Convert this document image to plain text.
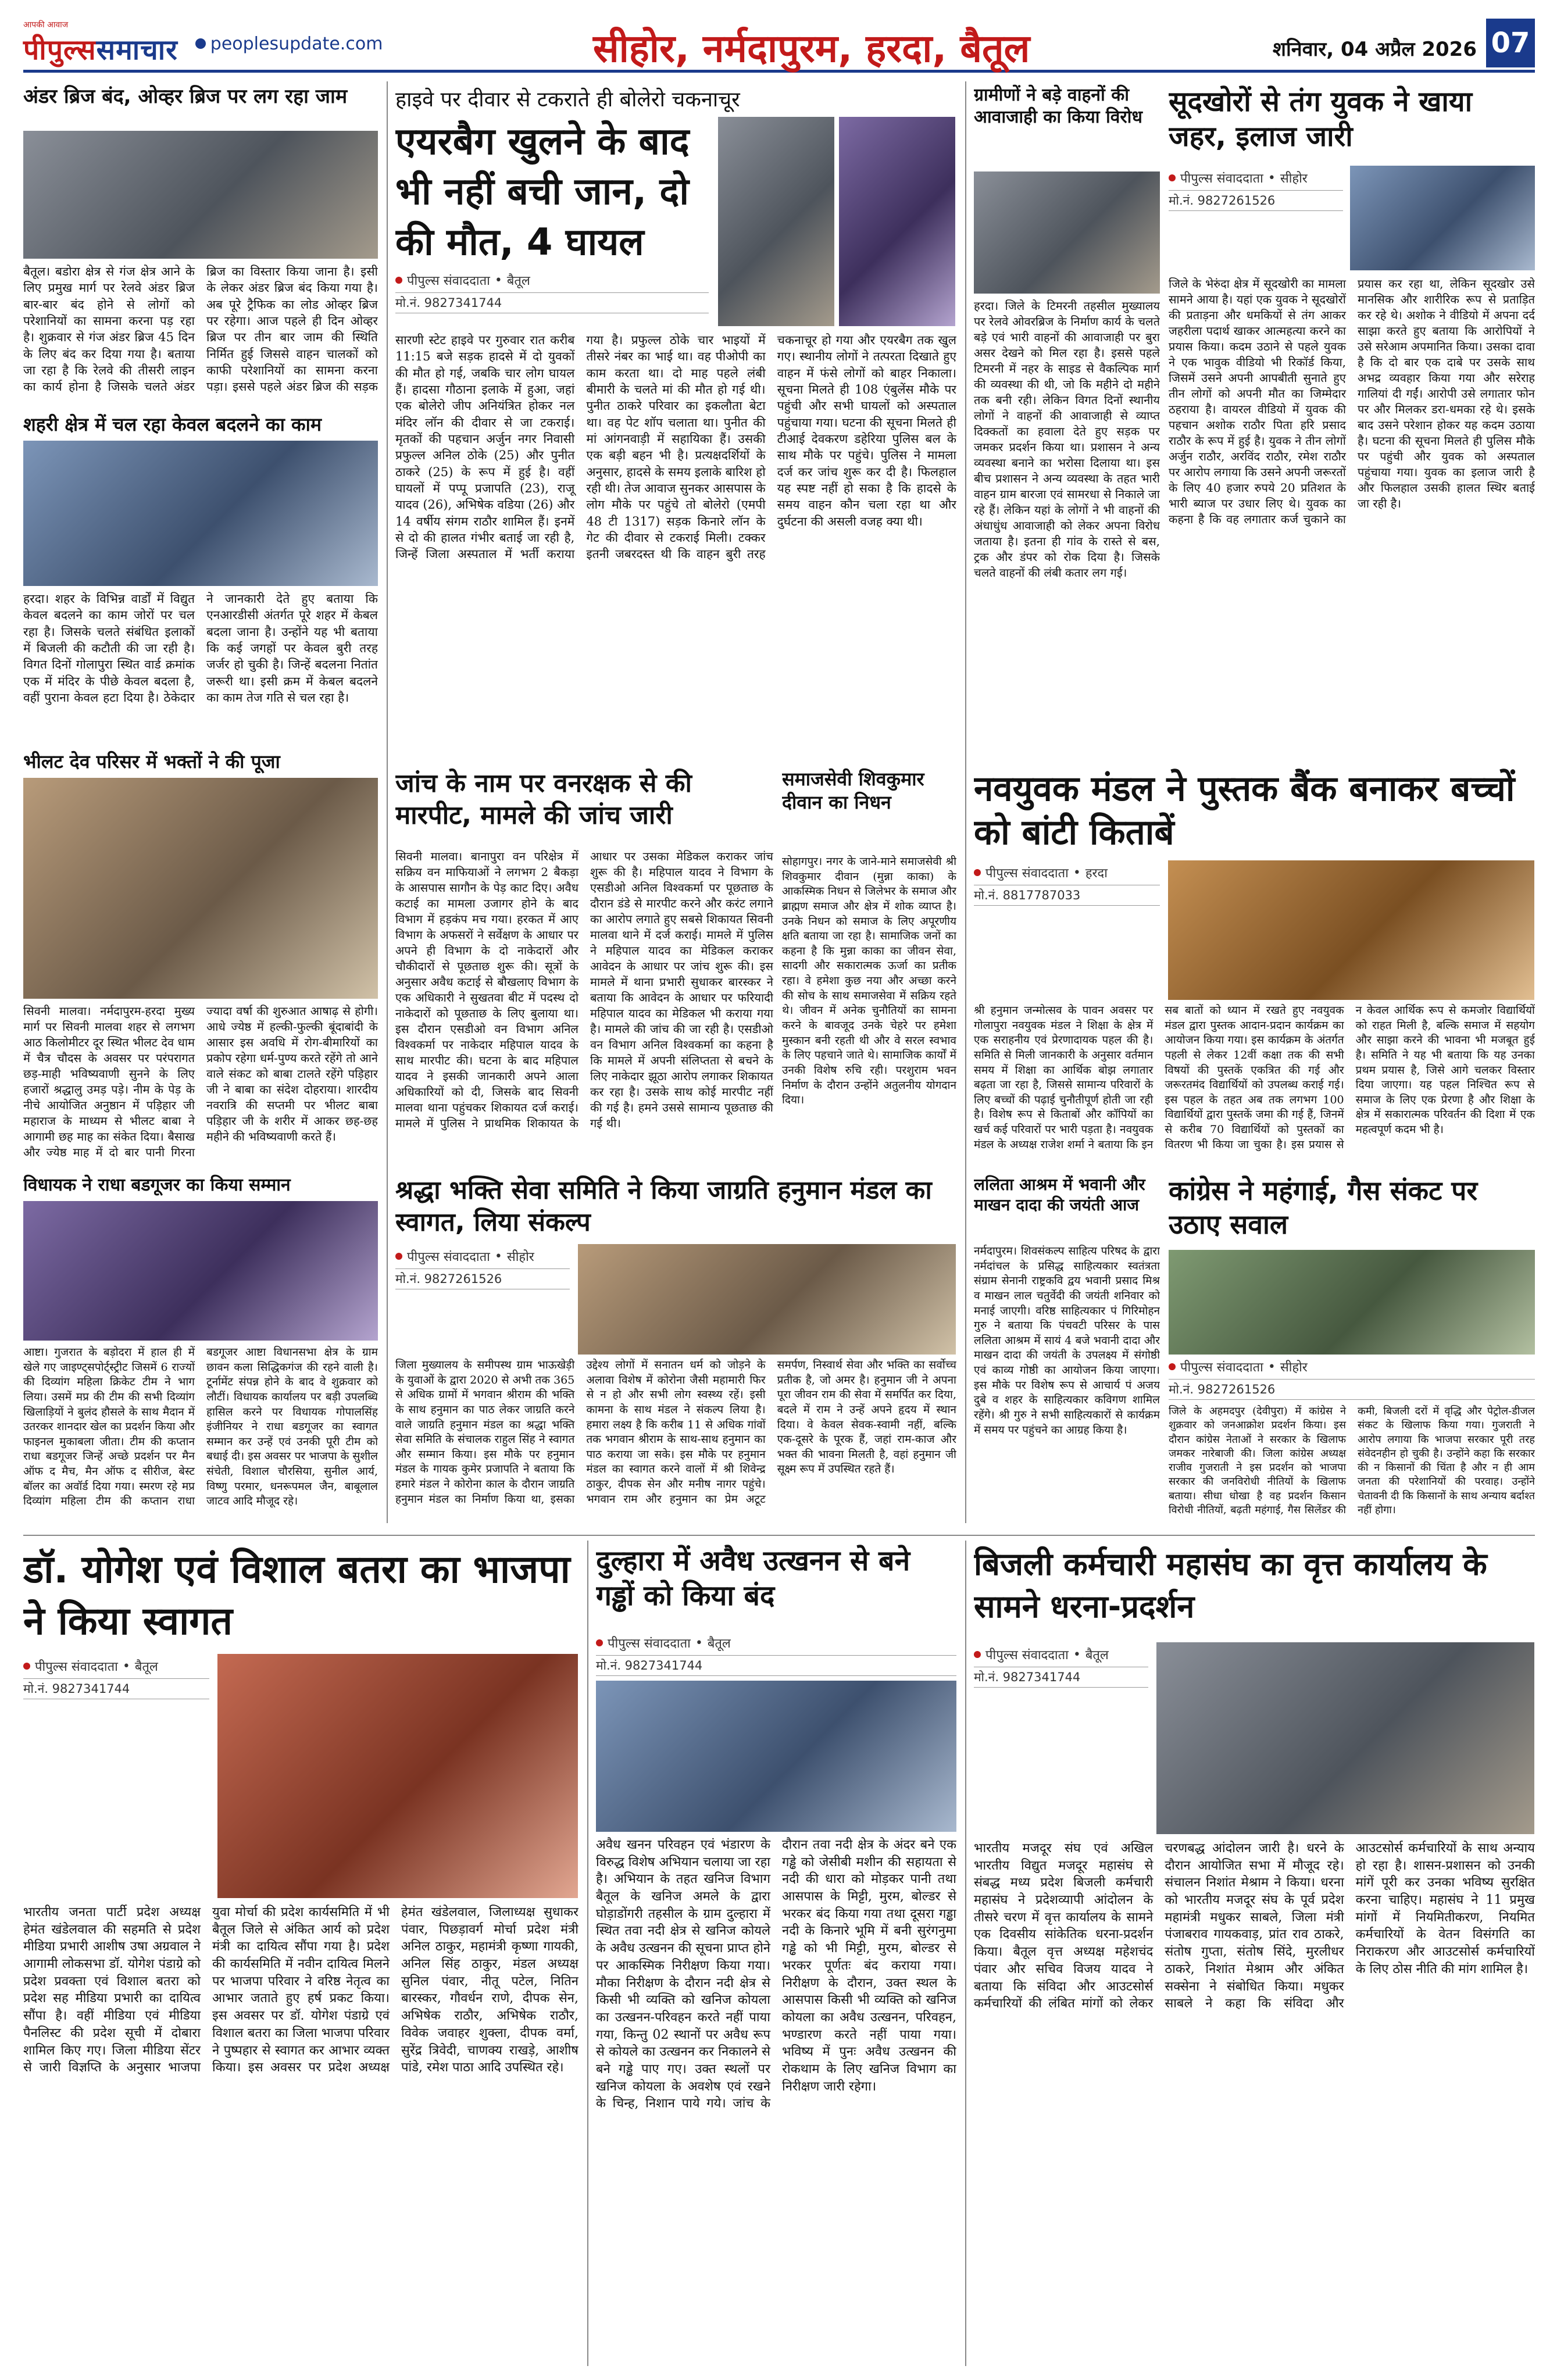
आपकी आवाज
पीपुल्ससमाचार peoplesupdate.com	सीहोर, नर्मदापुरम, हरदा, बैतूल	शनिवार, 04 अप्रैल 2026 07
अंडर ब्रिज बंद, ओव्हर ब्रिज पर लग रहा जाम
बैतूल। बडोरा क्षेत्र से गंज क्षेत्र आने के लिए प्रमुख मार्ग पर रेलवे अंडर ब्रिज बार-बार बंद होने से लोगों को परेशानियों का सामना करना पड़ रहा है। शुक्रवार से गंज अंडर ब्रिज 45 दिन के लिए बंद कर दिया गया है। बताया जा रहा है कि रेलवे की तीसरी लाइन का कार्य होना है जिसके चलते अंडर ब्रिज का विस्तार किया जाना है। इसी के लेकर अंडर ब्रिज बंद किया गया है। अब पूरे ट्रैफिक का लोड ओव्हर ब्रिज पर रहेगा। आज पहले ही दिन ओव्हर ब्रिज पर तीन बार जाम की स्थिति निर्मित हुई जिससे वाहन चालकों को काफी परेशानियों का सामना करना पड़ा। इससे पहले अंडर ब्रिज की सड़क
शहरी क्षेत्र में चल रहा केवल बदलने का काम
हरदा। शहर के विभिन्न वार्डों में विद्युत केवल बदलने का काम जोरों पर चल रहा है। जिसके चलते संबंधित इलाकों में बिजली की कटौती की जा रही है। विगत दिनों गोलापुरा स्थित वार्ड क्रमांक एक में मंदिर के पीछे केवल बदला है, वहीं पुराना केवल हटा दिया है। ठेकेदार ने जानकारी देते हुए बताया कि एनआरडीसी अंतर्गत पूरे शहर में केबल बदला जाना है। उन्होंने यह भी बताया कि कई जगहों पर केवल बुरी तरह जर्जर हो चुकी है। जिन्हें बदलना नितांत जरूरी था। इसी क्रम में केबल बदलने का काम तेज गति से चल रहा है।
भीलट देव परिसर में भक्तों ने की पूजा
सिवनी मालवा। नर्मदापुरम-हरदा मुख्य मार्ग पर सिवनी मालवा शहर से लगभग आठ किलोमीटर दूर स्थित भीलट देव धाम में चैत्र चौदस के अवसर पर परंपरागत छड़-माही भविष्यवाणी सुनने के लिए हजारों श्रद्धालु उमड़ पड़े। नीम के पेड़ के नीचे आयोजित अनुष्ठान में पड़िहार जी महाराज के माध्यम से भीलट बाबा ने आगामी छह माह का संकेत दिया। बैसाख और ज्येष्ठ माह में दो बार पानी गिरना ज्यादा वर्षा की शुरुआत आषाढ़ से होगी। आधे ज्येष्ठ में हल्की-फुल्की बूंदाबांदी के आसार इस अवधि में रोग-बीमारियों का प्रकोप रहेगा धर्म-पुण्य करते रहेंगे तो आने वाले संकट को बाबा टालते रहेंगे पड़िहार जी ने बाबा का संदेश दोहराया। शारदीय नवरात्रि की सप्तमी पर भीलट बाबा पड़िहार जी के शरीर में आकर छह-छह महीने की भविष्यवाणी करते हैं।
विधायक ने राधा बडगूजर का किया सम्मान
आष्टा। गुजरात के बड़ोदरा में हाल ही में खेले गए जाइण्ट्सपोर्ट्स्ट्रीट जिसमें 6 राज्यों की दिव्यांग महिला क्रिकेट टीम ने भाग लिया। उसमें मप्र की टीम की सभी दिव्यांग खिलाड़ियों ने बुलंद हौसले के साथ मैदान में उतरकर शानदार खेल का प्रदर्शन किया और फाइनल मुकाबला जीता। टीम की कप्तान राधा बडगूजर जिन्हें अच्छे प्रदर्शन पर मैन ऑफ द मैच, मैन ऑफ द सीरीज, बेस्ट बॉलर का अवॉर्ड दिया गया। स्मरण रहे मप्र दिव्यांग महिला टीम की कप्तान राधा बडगूजर आष्टा विधानसभा क्षेत्र के ग्राम छावन कला सिद्धिकगंज की रहने वाली है। टूर्नामेंट संपन्न होने के बाद वे शुक्रवार को लौटीं। विधायक कार्यालय पर बड़ी उपलब्धि हासिल करने पर विधायक गोपालसिंह इंजीनियर ने राधा बडगूजर का स्वागत सम्मान कर उन्हें एवं उनकी पूरी टीम को बधाई दी। इस अवसर पर भाजपा के सुशील संचेती, विशाल चौरसिया, सुनील आर्य, विष्णु परमार, धनरूपमल जैन, बाबूलाल जाटव आदि मौजूद रहे।
हाइवे पर दीवार से टकराते ही बोलेरो चकनाचूर
एयरबैग खुलने के बाद भी नहीं बची जान, दो की मौत, 4 घायल
पीपुल्स संवाददाता • बैतूल
मो.नं. 9827341744
सारणी स्टेट हाइवे पर गुरुवार रात करीब 11:15 बजे सड़क हादसे में दो युवकों की मौत हो गई, जबकि चार लोग घायल हैं। हादसा गौठाना इलाके में हुआ, जहां एक बोलेरो जीप अनियंत्रित होकर नल मंदिर लॉन की दीवार से जा टकराई। मृतकों की पहचान अर्जुन नगर निवासी प्रफुल्ल अनिल ठोके (25) और पुनीत ठाकरे (25) के रूप में हुई है। वहीं घायलों में पप्पू प्रजापति (23), राजू यादव (26), अभिषेक वडिया (26) और 14 वर्षीय संगम राठौर शामिल हैं। इनमें से दो की हालत गंभीर बताई जा रही है, जिन्हें जिला अस्पताल में भर्ती कराया गया है। प्रफुल्ल ठोके चार भाइयों में तीसरे नंबर का भाई था। वह पीओपी का काम करता था। दो माह पहले लंबी बीमारी के चलते मां की मौत हो गई थी। पुनीत ठाकरे परिवार का इकलौता बेटा था। वह पेट शॉप चलाता था। पुनीत की मां आंगनवाड़ी में सहायिका हैं। उसकी एक बड़ी बहन भी है। प्रत्यक्षदर्शियों के अनुसार, हादसे के समय इलाके बारिश हो रही थी। तेज आवाज सुनकर आसपास के लोग मौके पर पहुंचे तो बोलेरो (एमपी 48 टी 1317) सड़क किनारे लॉन के गेट की दीवार से टकराई मिली। टक्कर इतनी जबरदस्त थी कि वाहन बुरी तरह चकनाचूर हो गया और एयरबैग तक खुल गए। स्थानीय लोगों ने तत्परता दिखाते हुए वाहन में फंसे लोगों को बाहर निकाला। सूचना मिलते ही 108 एंबुलेंस मौके पर पहुंची और सभी घायलों को अस्पताल पहुंचाया गया। घटना की सूचना मिलते ही टीआई देवकरण डहेरिया पुलिस बल के साथ मौके पर पहुंचे। पुलिस ने मामला दर्ज कर जांच शुरू कर दी है। फिलहाल यह स्पष्ट नहीं हो सका है कि हादसे के समय वाहन कौन चला रहा था और दुर्घटना की असली वजह क्या थी।
ग्रामीणों ने बड़े वाहनों की आवाजाही का किया विरोध
हरदा। जिले के टिमरनी तहसील मुख्यालय पर रेलवे ओवरब्रिज के निर्माण कार्य के चलते बड़े एवं भारी वाहनों की आवाजाही पर बुरा असर देखने को मिल रहा है। इससे पहले टिमरनी में नहर के साइड से वैकल्पिक मार्ग की व्यवस्था की थी, जो कि महीने दो महीने तक बनी रही। लेकिन विगत दिनों स्थानीय लोगों ने वाहनों की आवाजाही से व्याप्त दिक्कतों का हवाला देते हुए सड़क पर जमकर प्रदर्शन किया था। प्रशासन ने अन्य व्यवस्था बनाने का भरोसा दिलाया था। इस बीच प्रशासन ने अन्य व्यवस्था के तहत भारी वाहन ग्राम बारजा एवं सामरधा से निकाले जा रहे हैं। लेकिन यहां के लोगों ने भी वाहनों की अंधाधुंध आवाजाही को लेकर अपना विरोध जताया है। इतना ही गांव के रास्ते से बस, ट्रक और डंपर को रोक दिया है। जिसके चलते वाहनों की लंबी कतार लग गई।
सूदखोरों से तंग युवक ने खाया जहर, इलाज जारी
पीपुल्स संवाददाता • सीहोर
मो.नं. 9827261526
जिले के भेरुंदा क्षेत्र में सूदखोरी का मामला सामने आया है। यहां एक युवक ने सूदखोरों की प्रताड़ना और धमकियों से तंग आकर जहरीला पदार्थ खाकर आत्महत्या करने का प्रयास किया। कदम उठाने से पहले युवक ने एक भावुक वीडियो भी रिकॉर्ड किया, जिसमें उसने अपनी आपबीती सुनाते हुए तीन लोगों को अपनी मौत का जिम्मेदार ठहराया है। वायरल वीडियो में युवक की पहचान अशोक राठौर पिता हरि प्रसाद राठौर के रूप में हुई है। युवक ने तीन लोगों अर्जुन राठौर, अरविंद राठौर, रमेश राठौर पर आरोप लगाया कि उसने अपनी जरूरतों के लिए 40 हजार रुपये 20 प्रतिशत के भारी ब्याज पर उधार लिए थे। युवक का कहना है कि वह लगातार कर्ज चुकाने का प्रयास कर रहा था, लेकिन सूदखोर उसे मानसिक और शारीरिक रूप से प्रताड़ित कर रहे थे। अशोक ने वीडियो में अपना दर्द साझा करते हुए बताया कि आरोपियों ने उसे सरेआम अपमानित किया। उसका दावा है कि दो बार एक दाबे पर उसके साथ अभद्र व्यवहार किया गया और सरेराह गालियां दी गईं। आरोपी उसे लगातार फोन पर और मिलकर डरा-धमका रहे थे। इसके बाद उसने परेशान होकर यह कदम उठाया है। घटना की सूचना मिलते ही पुलिस मौके पर पहुंची और युवक को अस्पताल पहुंचाया गया। युवक का इलाज जारी है और फिलहाल उसकी हालत स्थिर बताई जा रही है।
जांच के नाम पर वनरक्षक से की मारपीट, मामले की जांच जारी
सिवनी मालवा। बानापुरा वन परिक्षेत्र में सक्रिय वन माफियाओं ने लगभग 2 बैकड़ा के आसपास सागौन के पेड़ काट दिए। अवैध कटाई का मामला उजागर होने के बाद विभाग में हड़कंप मच गया। हरकत में आए विभाग के अफसरों ने सर्वेक्षण के आधार पर अपने ही विभाग के दो नाकेदारों और चौकीदारों से पूछताछ शुरू की। सूत्रों के अनुसार अवैध कटाई से बौखलाए विभाग के एक अधिकारी ने सुखतवा बीट में पदस्थ दो नाकेदारों को पूछताछ के लिए बुलाया था। इस दौरान एसडीओ वन विभाग अनिल विश्वकर्मा पर नाकेदार महिपाल यादव के साथ मारपीट की। घटना के बाद महिपाल यादव ने इसकी जानकारी अपने आला अधिकारियों को दी, जिसके बाद सिवनी मालवा थाना पहुंचकर शिकायत दर्ज कराई। मामले में पुलिस ने प्राथमिक शिकायत के आधार पर उसका मेडिकल कराकर जांच शुरू की है। महिपाल यादव ने विभाग के एसडीओ अनिल विश्वकर्मा पर पूछताछ के दौरान डंडे से मारपीट करने और करंट लगाने का आरोप लगाते हुए सबसे शिकायत सिवनी मालवा थाने में दर्ज कराई। मामले में पुलिस ने महिपाल यादव का मेडिकल कराकर आवेदन के आधार पर जांच शुरू की। इस मामले में थाना प्रभारी सुधाकर बारस्कर ने बताया कि आवेदन के आधार पर फरियादी महिपाल यादव का मेडिकल भी कराया गया है। मामले की जांच की जा रही है। एसडीओ वन विभाग अनिल विश्वकर्मा का कहना है कि मामले में अपनी संलिप्तता से बचने के लिए नाकेदार झूठा आरोप लगाकर शिकायत कर रहा है। उसके साथ कोई मारपीट नहीं की गई है। हमने उससे सामान्य पूछताछ की गई थी।
समाजसेवी शिवकुमार दीवान का निधन
सोहागपुर। नगर के जाने-माने समाजसेवी श्री शिवकुमार दीवान (मुन्ना काका) के आकस्मिक निधन से जिलेभर के समाज और ब्राह्मण समाज और क्षेत्र में शोक व्याप्त है। उनके निधन को समाज के लिए अपूरणीय क्षति बताया जा रहा है। सामाजिक जनों का कहना है कि मुन्ना काका का जीवन सेवा, सादगी और सकारात्मक ऊर्जा का प्रतीक रहा। वे हमेशा कुछ नया और अच्छा करने की सोच के साथ समाजसेवा में सक्रिय रहते थे। जीवन में अनेक चुनौतियों का सामना करने के बावजूद उनके चेहरे पर हमेशा मुस्कान बनी रहती थी और वे सरल स्वभाव के लिए पहचाने जाते थे। सामाजिक कार्यों में उनकी विशेष रुचि रही। परशुराम भवन निर्माण के दौरान उन्होंने अतुलनीय योगदान दिया।
नवयुवक मंडल ने पुस्तक बैंक बनाकर बच्चों को बांटी किताबें
पीपुल्स संवाददाता • हरदा
मो.नं. 8817787033
श्री हनुमान जन्मोत्सव के पावन अवसर पर गोलापुरा नवयुवक मंडल ने शिक्षा के क्षेत्र में एक सराहनीय एवं प्रेरणादायक पहल की है। समिति से मिली जानकारी के अनुसार वर्तमान समय में शिक्षा का आर्थिक बोझ लगातार बढ़ता जा रहा है, जिससे सामान्य परिवारों के लिए बच्चों की पढ़ाई चुनौतीपूर्ण होती जा रही है। विशेष रूप से किताबों और कॉपियों का खर्च कई परिवारों पर भारी पड़ता है। नवयुवक मंडल के अध्यक्ष राजेश शर्मा ने बताया कि इन सब बातों को ध्यान में रखते हुए नवयुवक मंडल द्वारा पुस्तक आदान-प्रदान कार्यक्रम का आयोजन किया गया। इस कार्यक्रम के अंतर्गत पहली से लेकर 12वीं कक्षा तक की सभी विषयों की पुस्तकें एकत्रित की गई और जरूरतमंद विद्यार्थियों को उपलब्ध कराई गई। इस पहल के तहत अब तक लगभग 100 विद्यार्थियों द्वारा पुस्तकें जमा की गई हैं, जिनमें से करीब 70 विद्यार्थियों को पुस्तकों का वितरण भी किया जा चुका है। इस प्रयास से न केवल आर्थिक रूप से कमजोर विद्यार्थियों को राहत मिली है, बल्कि समाज में सहयोग और साझा करने की भावना भी मजबूत हुई है। समिति ने यह भी बताया कि यह उनका प्रथम प्रयास है, जिसे आगे चलकर विस्तार दिया जाएगा। यह पहल निश्चित रूप से समाज के लिए एक प्रेरणा है और शिक्षा के क्षेत्र में सकारात्मक परिवर्तन की दिशा में एक महत्वपूर्ण कदम भी है।
श्रद्धा भक्ति सेवा समिति ने किया जाग्रति हनुमान मंडल का स्वागत, लिया संकल्प
पीपुल्स संवाददाता • सीहोर
मो.नं. 9827261526
जिला मुख्यालय के समीपस्थ ग्राम भाऊखेड़ी के युवाओं के द्वारा 2020 से अभी तक 365 से अधिक ग्रामों में भगवान श्रीराम की भक्ति के साथ हनुमान का पाठ लेकर जाग्रति करने वाले जाग्रति हनुमान मंडल का श्रद्धा भक्ति सेवा समिति के संचालक राहुल सिंह ने स्वागत और सम्मान किया। इस मौके पर हनुमान मंडल के गायक कुमेर प्रजापति ने बताया कि हमारे मंडल ने कोरोना काल के दौरान जाग्रति हनुमान मंडल का निर्माण किया था, इसका उद्देश्य लोगों में सनातन धर्म को जोड़ने के अलावा विशेष में कोरोना जैसी महामारी फिर से न हो और सभी लोग स्वस्थ्य रहें। इसी कामना के साथ मंडल ने संकल्प लिया है। हमारा लक्ष्य है कि करीब 11 से अधिक गांवों तक भगवान श्रीराम के साथ-साथ हनुमान का पाठ कराया जा सके। इस मौके पर हनुमान मंडल का स्वागत करने वालों में श्री शिवेन्द्र ठाकुर, दीपक सेन और मनीष नागर पहुंचे। भगवान राम और हनुमान का प्रेम अटूट समर्पण, निस्वार्थ सेवा और भक्ति का सर्वोच्च प्रतीक है, जो अमर है। हनुमान जी ने अपना पूरा जीवन राम की सेवा में समर्पित कर दिया, बदले में राम ने उन्हें अपने हृदय में स्थान दिया। वे केवल सेवक-स्वामी नहीं, बल्कि एक-दूसरे के पूरक हैं, जहां राम-काज और भक्त की भावना मिलती है, वहां हनुमान जी सूक्ष्म रूप में उपस्थित रहते हैं।
ललिता आश्रम में भवानी और माखन दादा की जयंती आज
नर्मदापुरम। शिवसंकल्प साहित्य परिषद के द्वारा नर्मदांचल के प्रसिद्ध साहित्यकार स्वतंत्रता संग्राम सेनानी राष्ट्रकवि द्वय भवानी प्रसाद मिश्र व माखन लाल चतुर्वेदी की जयंती शनिवार को मनाई जाएगी। वरिष्ठ साहित्यकार पं गिरिमोहन गुरु ने बताया कि पंचवटी परिसर के पास ललिता आश्रम में सायं 4 बजे भवानी दादा और माखन दादा की जयंती के उपलक्ष्य में संगोष्ठी एवं काव्य गोष्ठी का आयोजन किया जाएगा। इस मौके पर विशेष रूप से आचार्य पं अजय दुबे व शहर के साहित्यकार कविगण शामिल रहेंगे। श्री गुरु ने सभी साहित्यकारों से कार्यक्रम में समय पर पहुंचने का आग्रह किया है।
कांग्रेस ने महंगाई, गैस संकट पर उठाए सवाल
पीपुल्स संवाददाता • सीहोर
मो.नं. 9827261526
जिले के अहमदपुर (देवीपुरा) में कांग्रेस ने शुक्रवार को जनआक्रोश प्रदर्शन किया। इस दौरान कांग्रेस नेताओं ने सरकार के खिलाफ जमकर नारेबाजी की। जिला कांग्रेस अध्यक्ष राजीव गुजराती ने इस प्रदर्शन को भाजपा सरकार की जनविरोधी नीतियों के खिलाफ बताया। सीधा धोखा है वह प्रदर्शन किसान विरोधी नीतियों, बढ़ती महंगाई, गैस सिलेंडर की कमी, बिजली दरों में वृद्धि और पेट्रोल-डीजल संकट के खिलाफ किया गया। गुजराती ने आरोप लगाया कि भाजपा सरकार पूरी तरह संवेदनहीन हो चुकी है। उन्होंने कहा कि सरकार की न किसानों की चिंता है और न ही आम जनता की परेशानियों की परवाह। उन्होंने चेतावनी दी कि किसानों के साथ अन्याय बर्दाश्त नहीं होगा।
डॉ. योगेश एवं विशाल बतरा का भाजपा ने किया स्वागत
पीपुल्स संवाददाता • बैतूल
मो.नं. 9827341744
भारतीय जनता पार्टी प्रदेश अध्यक्ष हेमंत खंडेलवाल की सहमति से प्रदेश मीडिया प्रभारी आशीष उषा अग्रवाल ने आगामी लोकसभा डॉ. योगेश पंडाग्रे को प्रदेश प्रवक्ता एवं विशाल बतरा को प्रदेश सह मीडिया प्रभारी का दायित्व सौंपा है। वहीं मीडिया एवं मीडिया पैनलिस्ट की प्रदेश सूची में दोबारा शामिल किए गए। जिला मीडिया सेंटर से जारी विज्ञप्ति के अनुसार भाजपा युवा मोर्चा की प्रदेश कार्यसमिति में भी बैतूल जिले से अंकित आर्य को प्रदेश मंत्री का दायित्व सौंपा गया है। प्रदेश की कार्यसमिति में नवीन दायित्व मिलने पर भाजपा परिवार ने वरिष्ठ नेतृत्व का आभार जताते हुए हर्ष प्रकट किया। इस अवसर पर डॉ. योगेश पंडाग्रे एवं विशाल बतरा का जिला भाजपा परिवार ने पुष्पहार से स्वागत कर आभार व्यक्त किया। इस अवसर पर प्रदेश अध्यक्ष हेमंत खंडेलवाल, जिलाध्यक्ष सुधाकर पंवार, पिछड़ावर्ग मोर्चा प्रदेश मंत्री अनिल ठाकुर, महामंत्री कृष्णा गायकी, अनिल सिंह ठाकुर, मंडल अध्यक्ष सुनिल पंवार, नीतू पटेल, नितिन बारस्कर, गौवर्धन राणे, दीपक सेन, अभिषेक राठौर, अभिषेक राठौर, विवेक जवाहर शुक्ला, दीपक वर्मा, सुरेंद्र त्रिवेदी, चाणक्य राखड़े, आशीष पांडे, रमेश पाठा आदि उपस्थित रहे।
दुल्हारा में अवैध उत्खनन से बने गड्ढों को किया बंद
पीपुल्स संवाददाता • बैतूल
मो.नं. 9827341744
अवैध खनन परिवहन एवं भंडारण के विरुद्ध विशेष अभियान चलाया जा रहा है। अभियान के तहत खनिज विभाग बैतूल के खनिज अमले के द्वारा घोड़ाडोंगरी तहसील के ग्राम दुल्हारा में स्थित तवा नदी क्षेत्र से खनिज कोयले के अवैध उत्खनन की सूचना प्राप्त होने पर आकस्मिक निरीक्षण किया गया। मौका निरीक्षण के दौरान नदी क्षेत्र से किसी भी व्यक्ति को खनिज कोयला का उत्खनन-परिवहन करते नहीं पाया गया, किन्तु 02 स्थानों पर अवैध रूप से कोयले का उत्खनन कर निकालने से बने गड्ढे पाए गए। उक्त स्थलों पर खनिज कोयला के अवशेष एवं रखने के चिन्ह, निशान पाये गये। जांच के दौरान तवा नदी क्षेत्र के अंदर बने एक गड्ढे को जेसीबी मशीन की सहायता से नदी की धारा को मोड़कर पानी तथा आसपास के मिट्टी, मुरम, बोल्डर से भरकर बंद किया गया तथा दूसरा गड्ढा नदी के किनारे भूमि में बनी सुरंगनुमा गड्ढे को भी मिट्टी, मुरम, बोल्डर से भरकर पूर्णतः बंद कराया गया। निरीक्षण के दौरान, उक्त स्थल के आसपास किसी भी व्यक्ति को खनिज कोयला का अवैध उत्खनन, परिवहन, भण्डारण करते नहीं पाया गया। भविष्य में पुनः अवैध उत्खनन की रोकथाम के लिए खनिज विभाग का निरीक्षण जारी रहेगा।
बिजली कर्मचारी महासंघ का वृत्त कार्यालय के सामने धरना-प्रदर्शन
पीपुल्स संवाददाता • बैतूल
मो.नं. 9827341744
भारतीय मजदूर संघ एवं अखिल भारतीय विद्युत मजदूर महासंघ से संबद्ध मध्य प्रदेश बिजली कर्मचारी महासंघ ने प्रदेशव्यापी आंदोलन के तीसरे चरण में वृत्त कार्यालय के सामने एक दिवसीय सांकेतिक धरना-प्रदर्शन किया। बैतूल वृत्त अध्यक्ष महेशचंद पंवार और सचिव विजय यादव ने बताया कि संविदा और आउटसोर्स कर्मचारियों की लंबित मांगों को लेकर चरणबद्ध आंदोलन जारी है। धरने के दौरान आयोजित सभा में मौजूद रहे। संचालन निशांत मेश्राम ने किया। धरना को भारतीय मजदूर संघ के पूर्व प्रदेश महामंत्री मधुकर साबले, जिला मंत्री पंजाबराव गायकवाड़, प्रांत राव ठाकरे, संतोष गुप्ता, संतोष सिंदे, मुरलीधर ठाकरे, निशांत मेश्राम और अंकित सक्सेना ने संबोधित किया। मधुकर साबले ने कहा कि संविदा और आउटसोर्स कर्मचारियों के साथ अन्याय हो रहा है। शासन-प्रशासन को उनकी मांगें पूरी कर उनका भविष्य सुरक्षित करना चाहिए। महासंघ ने 11 प्रमुख मांगों में नियमितीकरण, नियमित कर्मचारियों के वेतन विसंगति का निराकरण और आउटसोर्स कर्मचारियों के लिए ठोस नीति की मांग शामिल है।
